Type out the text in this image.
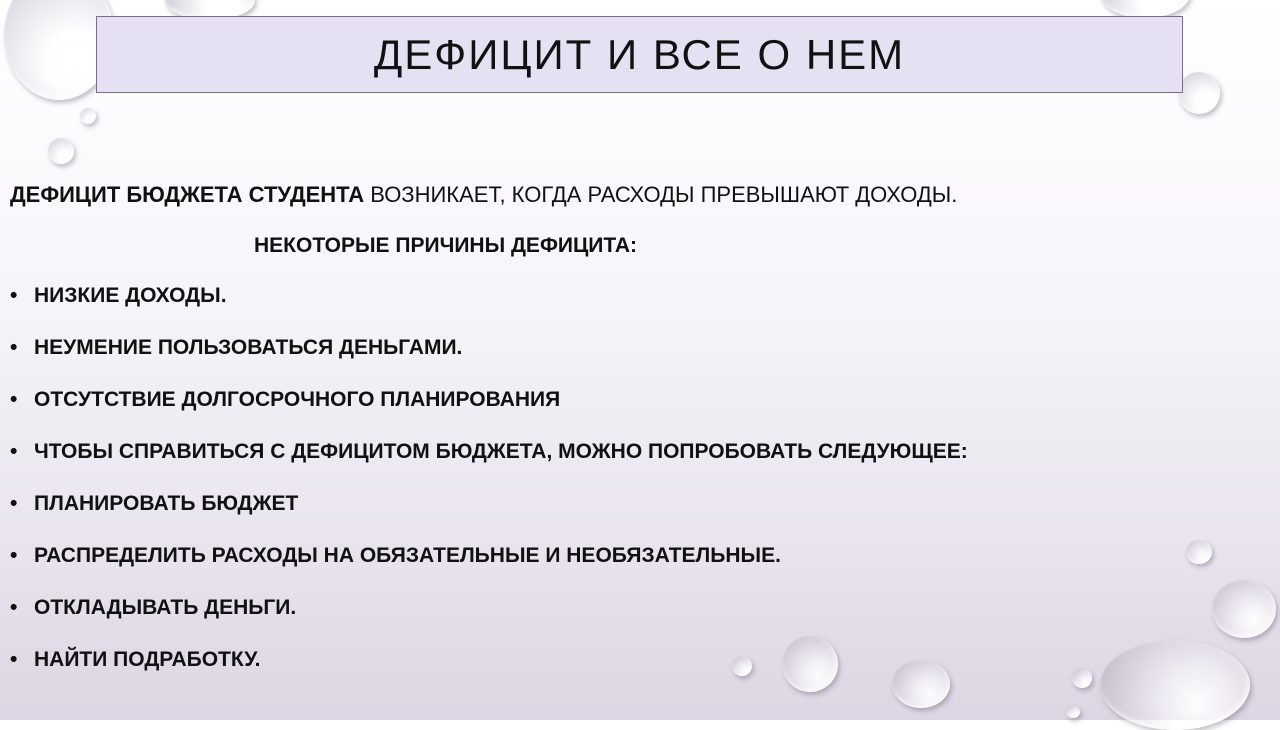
ДЕФИЦИТ И ВСЕ О НЕМ
ДЕФИЦИТ БЮДЖЕТА СТУДЕНТА ВОЗНИКАЕТ, КОГДА РАСХОДЫ ПРЕВЫШАЮТ ДОХОДЫ.
НЕКОТОРЫЕ ПРИЧИНЫ ДЕФИЦИТА:
• НИЗКИЕ ДОХОДЫ.
• НЕУМЕНИЕ ПОЛЬЗОВАТЬСЯ ДЕНЬГАМИ.
• ОТСУТСТВИЕ ДОЛГОСРОЧНОГО ПЛАНИРОВАНИЯ
• ЧТОБЫ СПРАВИТЬСЯ С ДЕФИЦИТОМ БЮДЖЕТА, МОЖНО ПОПРОБОВАТЬ СЛЕДУЮЩЕЕ:
• ПЛАНИРОВАТЬ БЮДЖЕТ
• РАСПРЕДЕЛИТЬ РАСХОДЫ НА ОБЯЗАТЕЛЬНЫЕ И НЕОБЯЗАТЕЛЬНЫЕ.
• ОТКЛАДЫВАТЬ ДЕНЬГИ.
• НАЙТИ ПОДРАБОТКУ.
